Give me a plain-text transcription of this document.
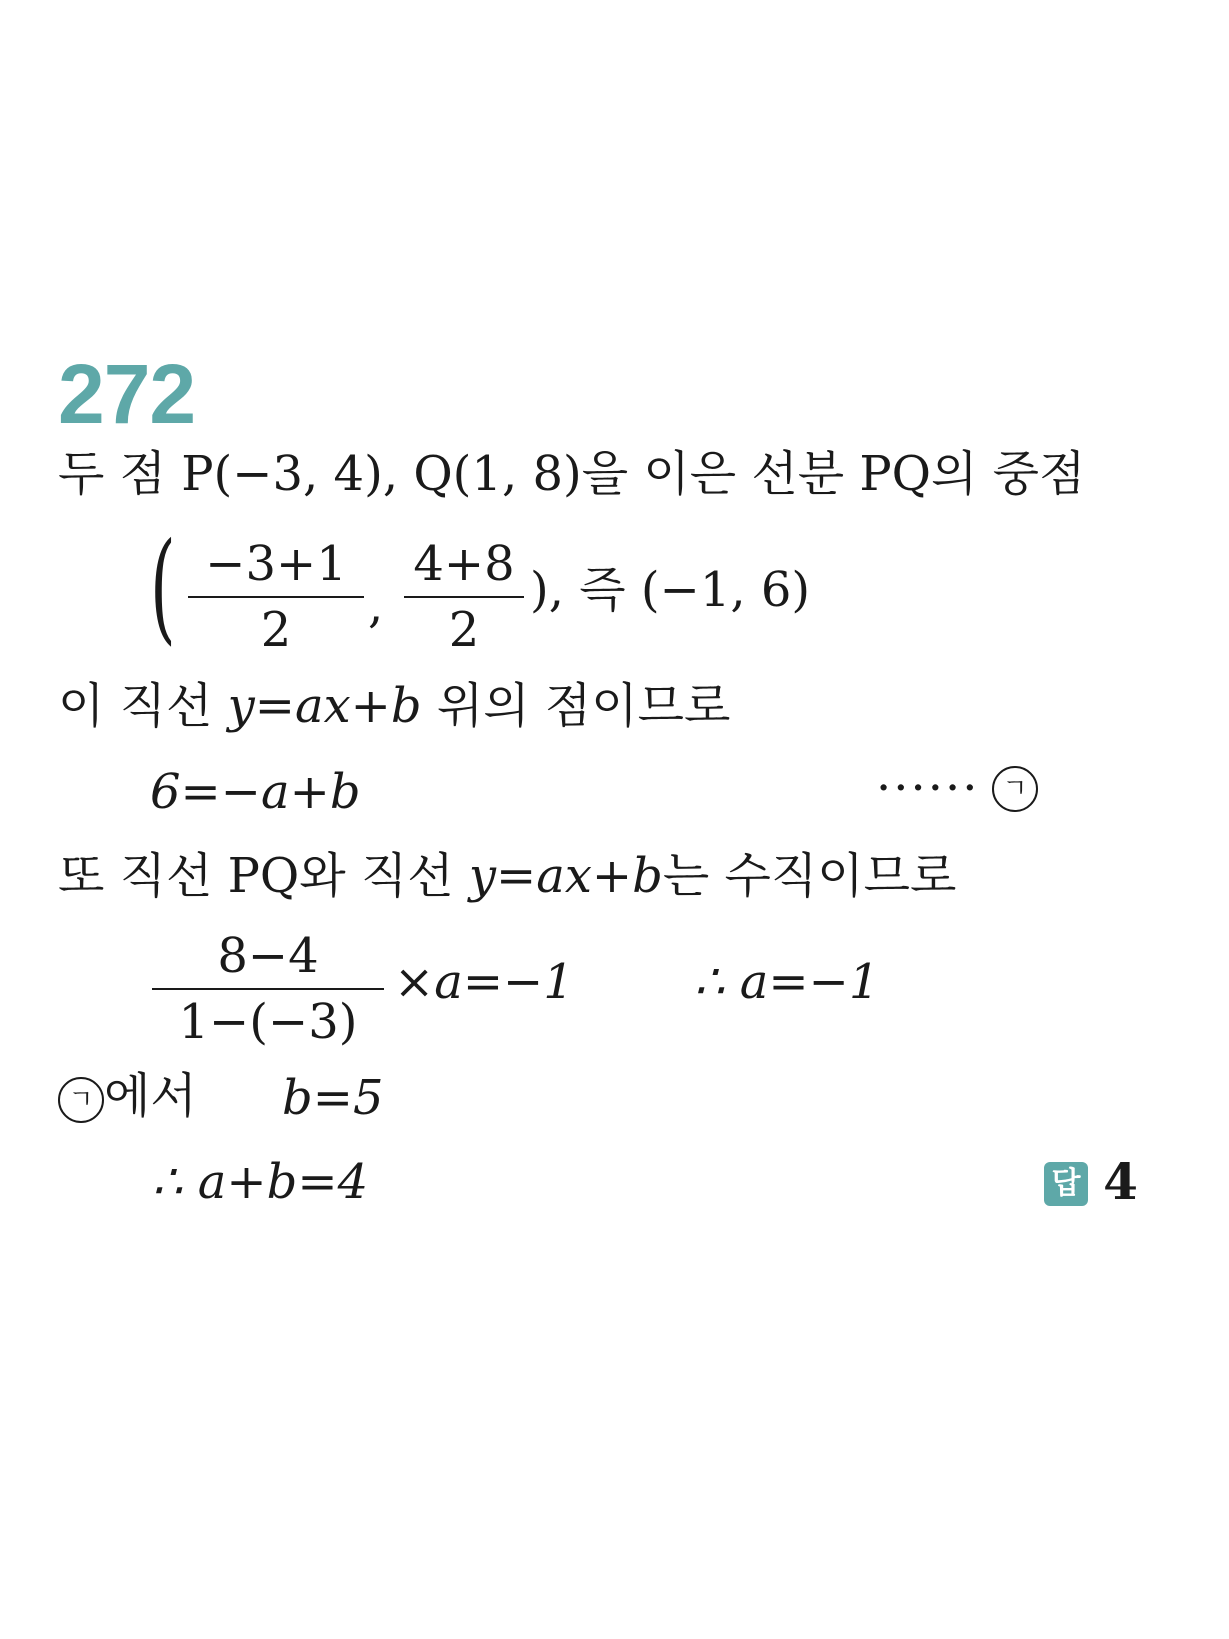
272
두 점 P(−3, 4), Q(1, 8)을 이은 선분 PQ의 중점
( −3+1
2	,
4+8
2
), 즉 (−1, 6)
이 직선 y=ax+b 위의 점이므로
6=−a+b	······ ㄱ
또 직선 PQ와 직선 y=ax+b는 수직이므로
8−4
1−(−3)
×a=−1	∴ a=−1
ㄱ 에서 b=5
∴ a+b=4	답 4
